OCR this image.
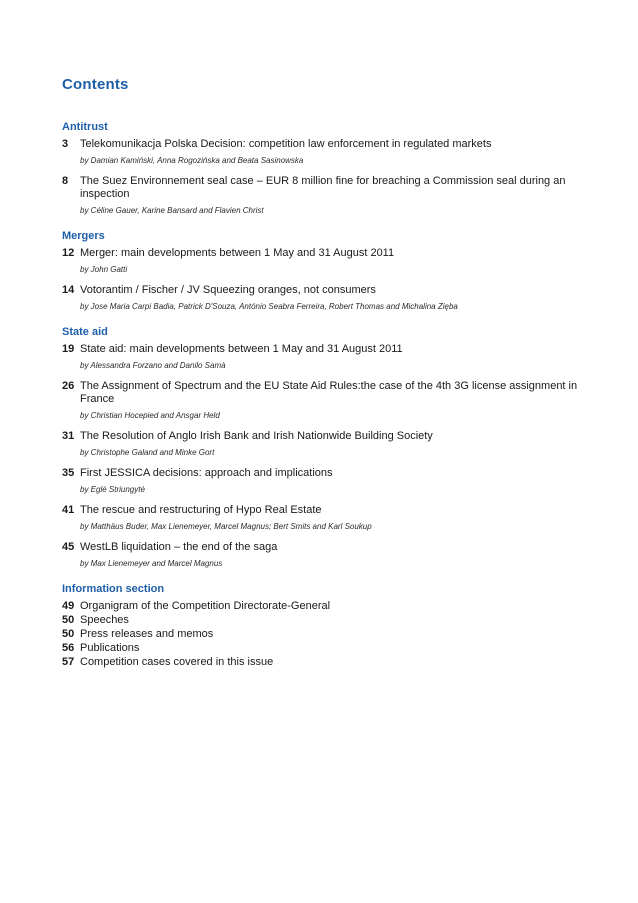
Contents
Antitrust
3	Telekomunikacja Polska Decision: competition law enforcement in regulated markets
by Damian Kamiński, Anna Rogozińska and Beata Sasinowska
8	The Suez Environnement seal case – EUR 8 million fine for breaching a Commission seal during an inspection
by Céline Gauer, Karine Bansard and Flavien Christ
Mergers
12 Merger: main developments between 1 May and 31 August 2011
by John Gatti
14 Votorantim / Fischer / JV Squeezing oranges, not consumers
by Jose Maria Carpi Badia, Patrick D'Souza, António Seabra Ferreira, Robert Thomas and Michalina Zięba
State aid
19 State aid: main developments between 1 May and 31 August 2011
by Alessandra Forzano and Danilo Samà
26 The Assignment of Spectrum and the EU State Aid Rules:the case of the 4th 3G license assignment in France
by Christian Hocepied and Ansgar Held
31 The Resolution of Anglo Irish Bank and Irish Nationwide Building Society
by Christophe Galand and Minke Gort
35 First JESSICA decisions: approach and implications
by Eglė Striungytė
41 The rescue and restructuring of Hypo Real Estate
by Matthäus Buder, Max Lienemeyer, Marcel Magnus; Bert Smits and Karl Soukup
45 WestLB liquidation – the end of the saga
by Max Lienemeyer and Marcel Magnus
Information section
49 Organigram of the Competition Directorate-General
50 Speeches
50 Press releases and memos
56 Publications
57 Competition cases covered in this issue
